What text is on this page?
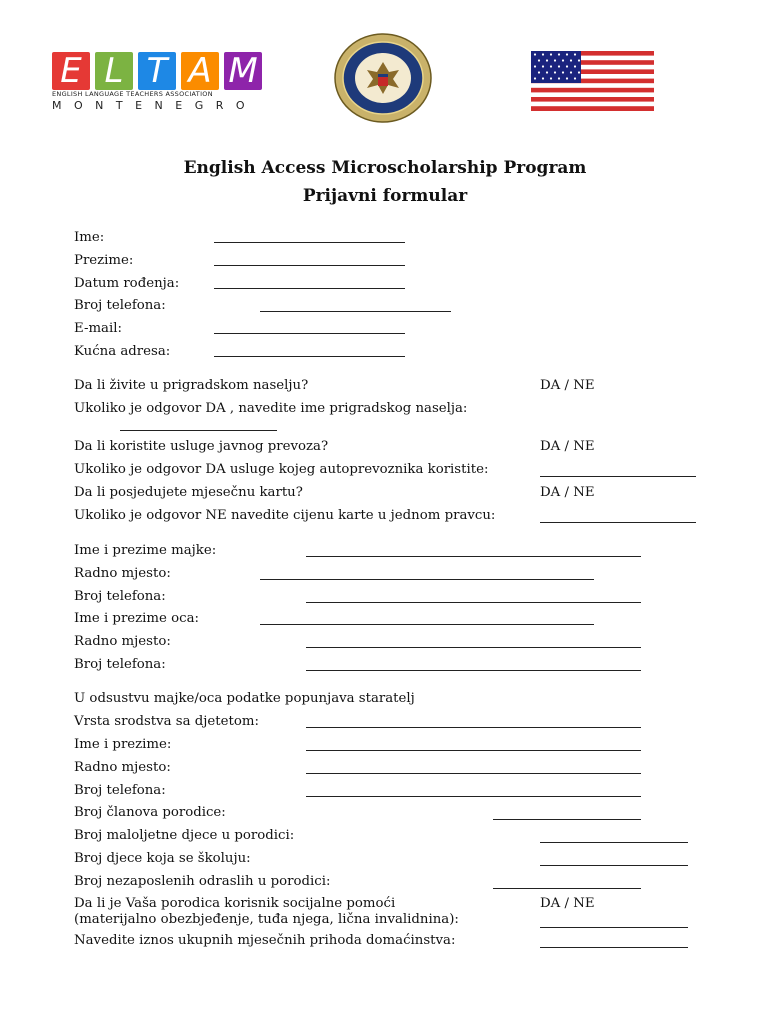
E L T A M
ENGLISH LANGUAGE TEACHERS ASSOCIATION
MONTENEGRO
English Access Microscholarship Program
Prijavni formular
Ime:
Prezime:
Datum rođenja:
Broj telefona:
E-mail:
Kućna adresa:
Da li živite u prigradskom naselju?	DA / NE
Ukoliko je odgovor DA , navedite ime prigradskog naselja:
Da li koristite usluge javnog prevoza?	DA / NE
Ukoliko je odgovor DA usluge kojeg autoprevoznika koristite:
Da li posjedujete mjesečnu kartu?	DA / NE
Ukoliko je odgovor NE navedite cijenu karte u jednom pravcu:
Ime i prezime majke:
Radno mjesto:
Broj telefona:
Ime i prezime oca:
Radno mjesto:
Broj telefona:
U odsustvu majke/oca podatke popunjava staratelj
Vrsta srodstva sa djetetom:
Ime i prezime:
Radno mjesto:
Broj telefona:
Broj članova porodice:
Broj maloljetne djece u porodici:
Broj djece koja se školuju:
Broj nezaposlenih odraslih u porodici:
Da li je Vaša porodica korisnik socijalne pomoći	DA / NE
(materijalno obezbjeđenje, tuđa njega, lična invalidnina):
Navedite iznos ukupnih mjesečnih prihoda domaćinstva:
